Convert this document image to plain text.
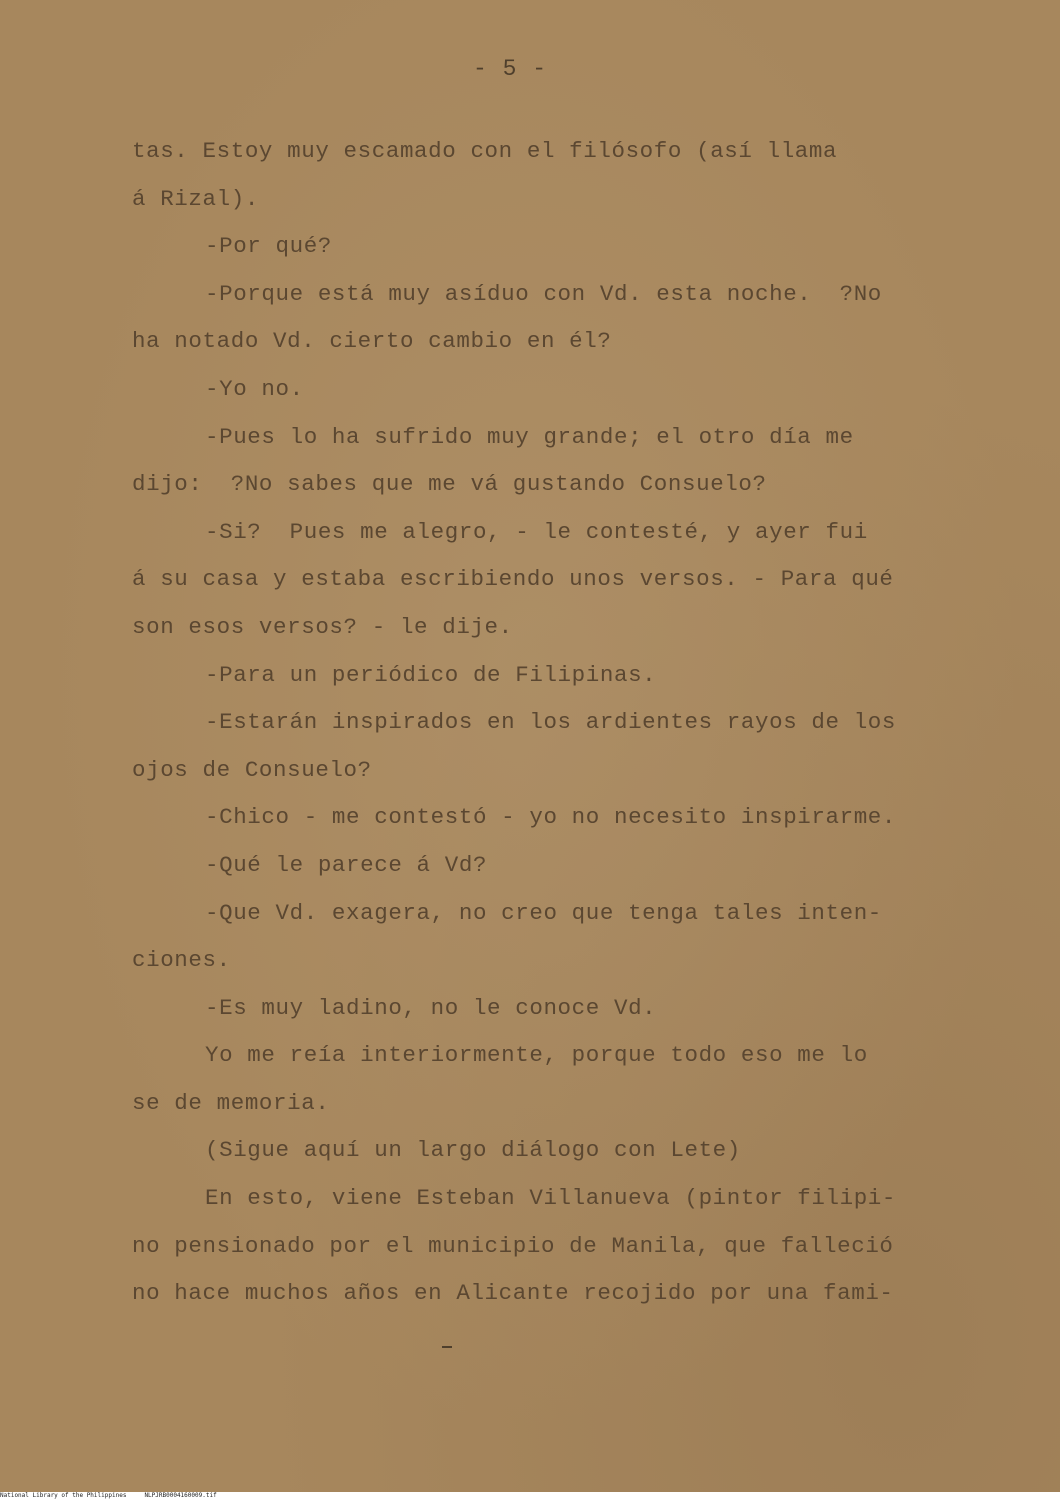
- 5 -
tas. Estoy muy escamado con el filósofo (así llama
á Rizal).
-Por qué?
-Porque está muy asíduo con Vd. esta noche.  ?No
ha notado Vd. cierto cambio en él?
-Yo no.
-Pues lo ha sufrido muy grande; el otro día me
dijo:  ?No sabes que me vá gustando Consuelo?
-Si?  Pues me alegro, - le contesté, y ayer fui
á su casa y estaba escribiendo unos versos. - Para qué
son esos versos? - le dije.
-Para un periódico de Filipinas.
-Estarán inspirados en los ardientes rayos de los
ojos de Consuelo?
-Chico - me contestó - yo no necesito inspirarme.
-Qué le parece á Vd?
-Que Vd. exagera, no creo que tenga tales inten-
ciones.
-Es muy ladino, no le conoce Vd.
Yo me reía interiormente, porque todo eso me lo
se de memoria.
(Sigue aquí un largo diálogo con Lete)
En esto, viene Esteban Villanueva (pintor filipi-
no pensionado por el municipio de Manila, que falleció
no hace muchos años en Alicante recojido por una fami-
National Library of the Philippines	NLPJRB0004160009.tif
